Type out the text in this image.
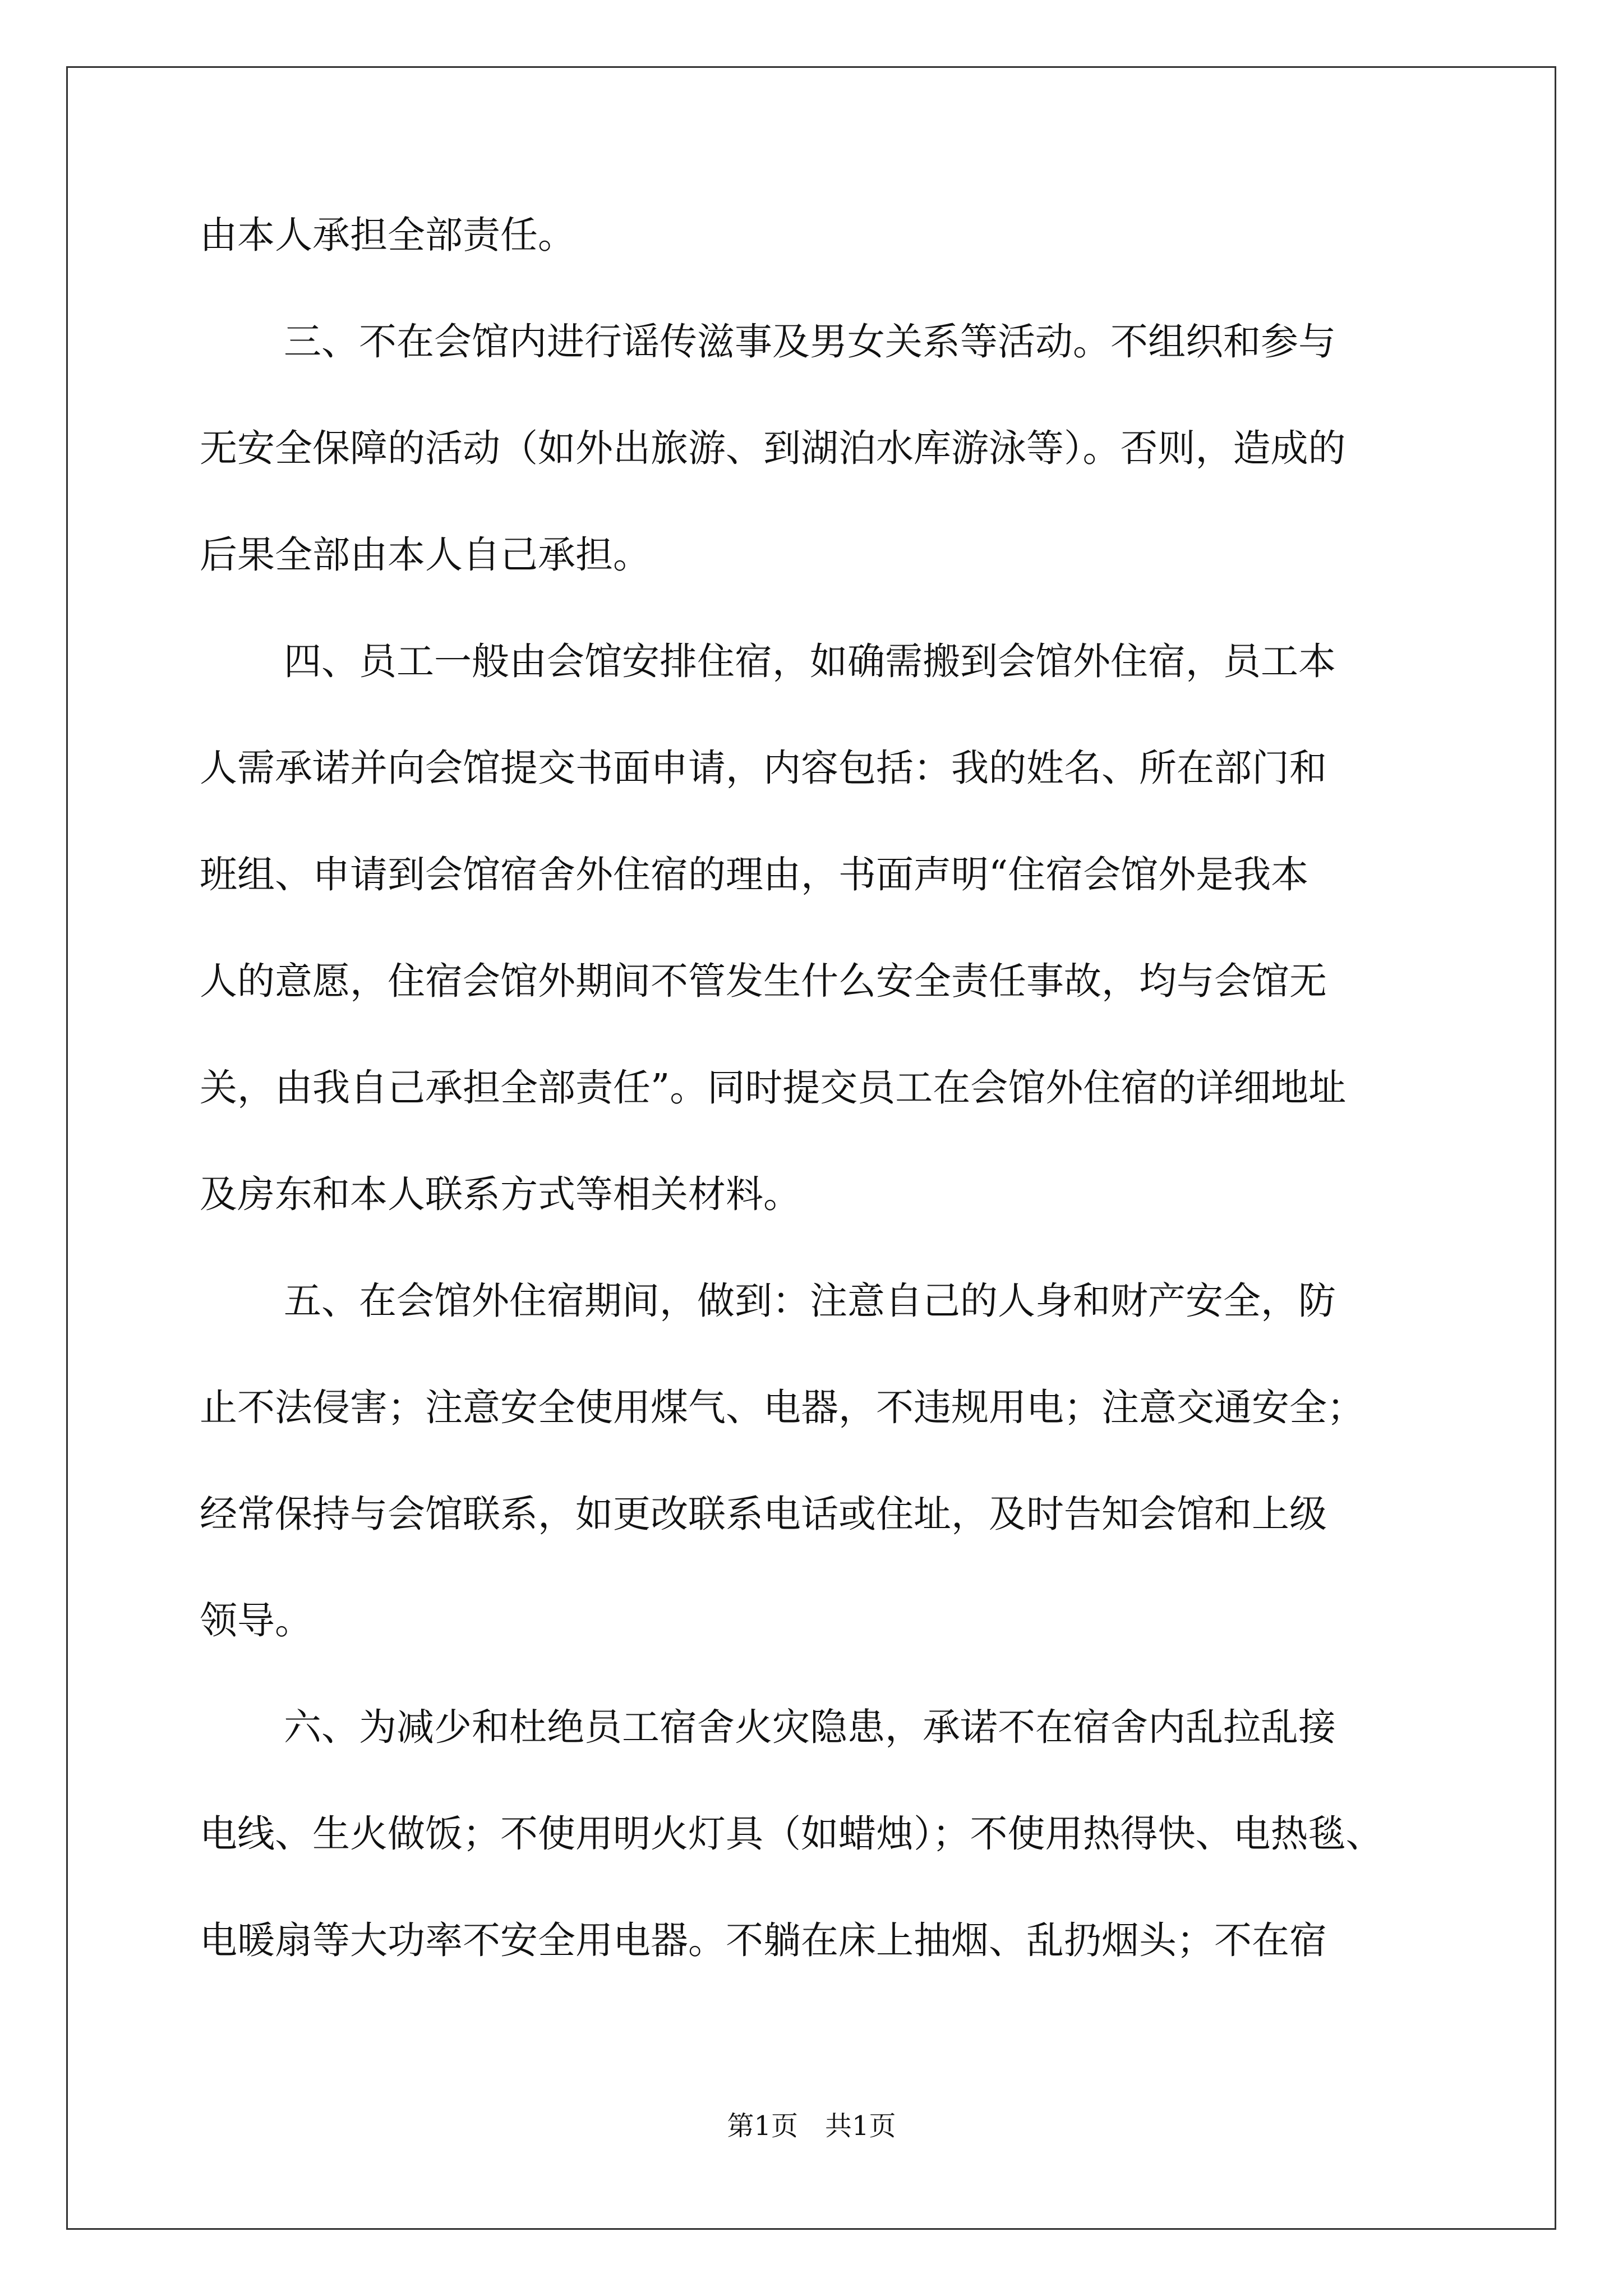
由本人承担全部责任。
三、不在会馆内进行谣传滋事及男女关系等活动。不组织和参与
无安全保障的活动（如外出旅游、到湖泊水库游泳等）。否则，造成的
后果全部由本人自己承担。
四、员工一般由会馆安排住宿，如确需搬到会馆外住宿，员工本
人需承诺并向会馆提交书面申请，内容包括：我的姓名、所在部门和
班组、申请到会馆宿舍外住宿的理由，书面声明“住宿会馆外是我本
人的意愿，住宿会馆外期间不管发生什么安全责任事故，均与会馆无
关，由我自己承担全部责任”。同时提交员工在会馆外住宿的详细地址
及房东和本人联系方式等相关材料。
五、在会馆外住宿期间，做到：注意自己的人身和财产安全，防
止不法侵害；注意安全使用煤气、电器，不违规用电；注意交通安全；
经常保持与会馆联系，如更改联系电话或住址，及时告知会馆和上级
领导。
六、为减少和杜绝员工宿舍火灾隐患，承诺不在宿舍内乱拉乱接
电线、生火做饭；不使用明火灯具（如蜡烛）；不使用热得快、电热毯、
电暖扇等大功率不安全用电器。不躺在床上抽烟、乱扔烟头；不在宿
第1页　共1页
